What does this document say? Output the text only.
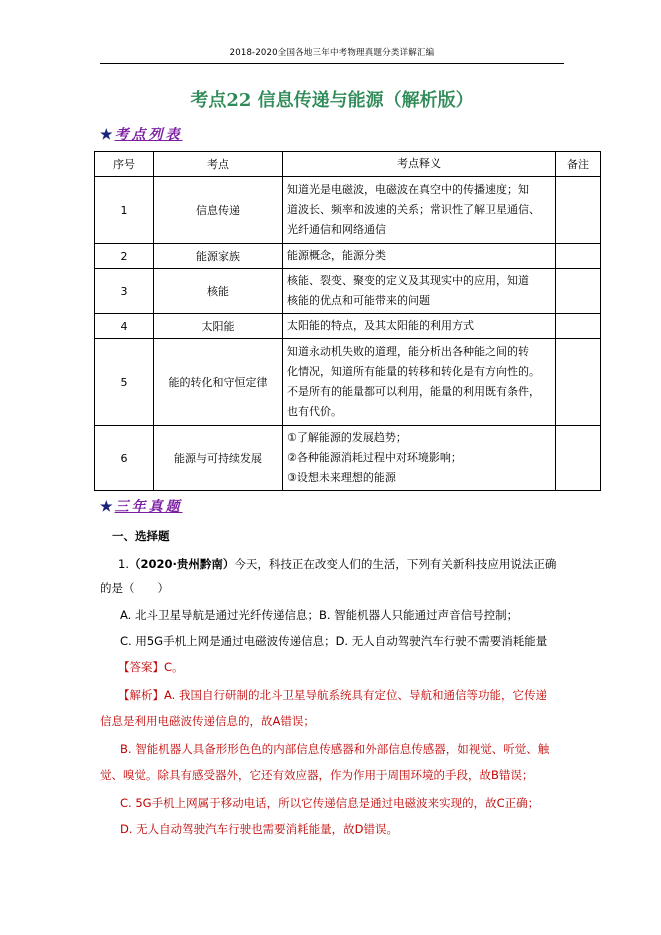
2018-2020全国各地三年中考物理真题分类详解汇编
考点22 信息传递与能源（解析版）
★ 考点列表
序号	考点	考点释义	备注
1	信息传递	知道光是电磁波，电磁波在真空中的传播速度；知
道波长、频率和波速的关系；常识性了解卫星通信、
光纤通信和网络通信	

2	能源家族	能源概念，能源分类	

3	核能	核能、裂变、聚变的定义及其现实中的应用，知道
核能的优点和可能带来的问题	

4	太阳能	太阳能的特点，及其太阳能的利用方式	

5	能的转化和守恒定律	知道永动机失败的道理，能分析出各种能之间的转
化情况，知道所有能量的转移和转化是有方向性的。
不是所有的能量都可以利用，能量的利用既有条件，
也有代价。	

6	能源与可持续发展	①了解能源的发展趋势；
②各种能源消耗过程中对环境影响；
③设想未来理想的能源	

★ 三年真题
一、选择题
1.（2020·贵州黔南）今天，科技正在改变人们的生活，下列有关新科技应用说法正确
的是（　　）
A. 北斗卫星导航是通过光纤传递信息；B. 智能机器人只能通过声音信号控制；
C. 用5G手机上网是通过电磁波传递信息；D. 无人自动驾驶汽车行驶不需要消耗能量
【答案】C。
【解析】A. 我国自行研制的北斗卫星导航系统具有定位、导航和通信等功能，它传递
信息是利用电磁波传递信息的，故A错误；
B. 智能机器人具备形形色色的内部信息传感器和外部信息传感器，如视觉、听觉、触
觉、嗅觉。除具有感受器外，它还有效应器，作为作用于周围环境的手段，故B错误；
C. 5G手机上网属于移动电话，所以它传递信息是通过电磁波来实现的，故C正确；
D. 无人自动驾驶汽车行驶也需要消耗能量，故D错误。
